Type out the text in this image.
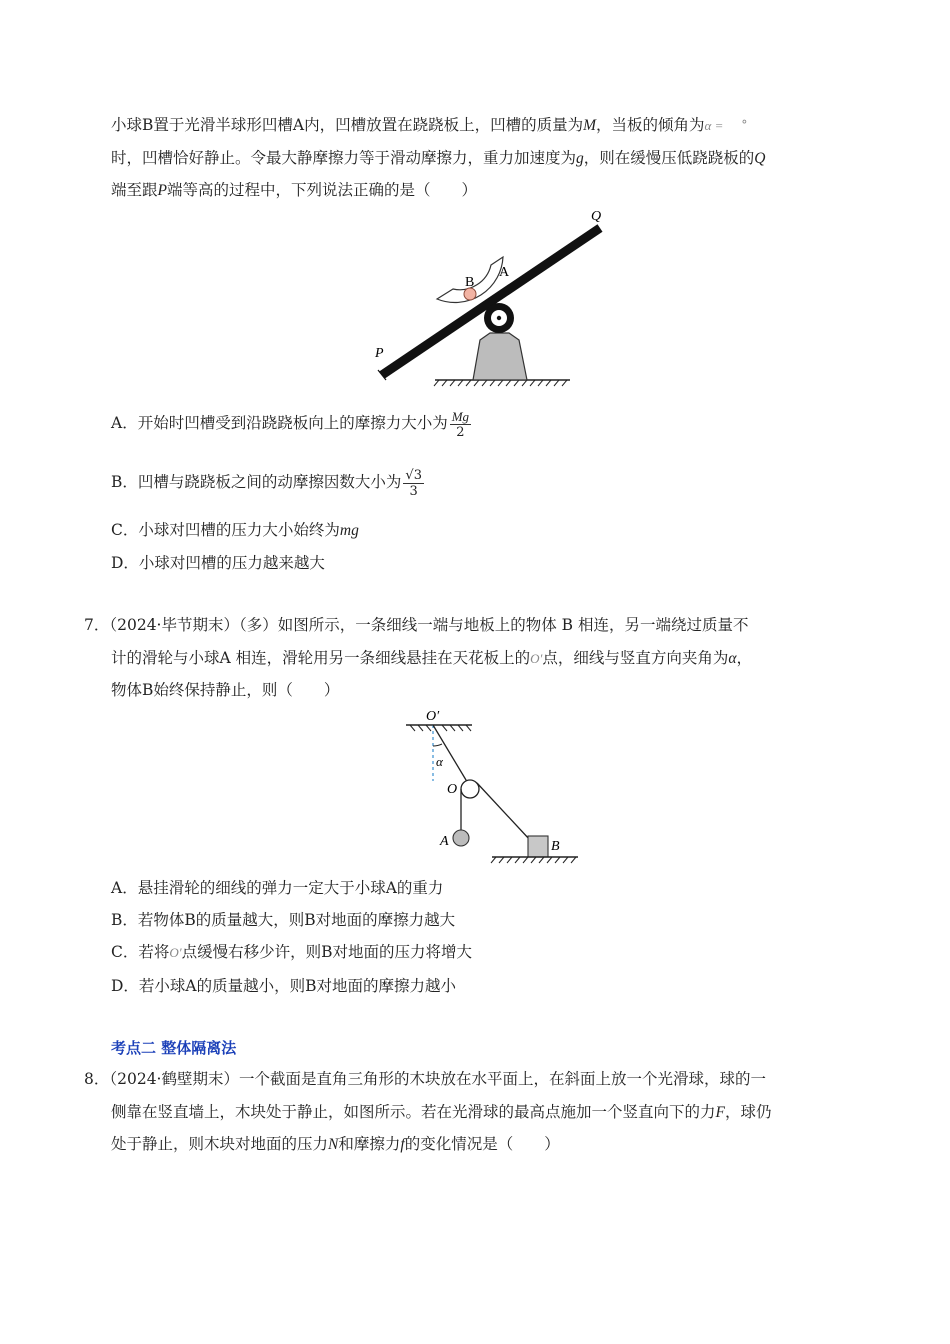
小球B置于光滑半球形凹槽A内，凹槽放置在跷跷板上，凹槽的质量为M，当板的倾角为α = °
时，凹槽恰好静止。令最大静摩擦力等于滑动摩擦力，重力加速度为g，则在缓慢压低跷跷板的Q
端至跟P端等高的过程中，下列说法正确的是（　　）
Q
P
A
B
A．开始时凹槽受到沿跷跷板向上的摩擦力大小为 $\frac{Mg}{2}$
B．凹槽与跷跷板之间的动摩擦因数大小为 $\frac{√3}{3}$
C．小球对凹槽的压力大小始终为mg
D．小球对凹槽的压力越来越大
7．（2024·毕节期末）（多）如图所示，一条细线一端与地板上的物体 B 相连，另一端绕过质量不
计的滑轮与小球A 相连，滑轮用另一条细线悬挂在天花板上的O′点，细线与竖直方向夹角为α，
物体B始终保持静止，则（　　）
O′
α
O
A	B
A．悬挂滑轮的细线的弹力一定大于小球A的重力
B．若物体B的质量越大，则B对地面的摩擦力越大
C．若将O′点缓慢右移少许，则B对地面的压力将增大
D．若小球A的质量越小，则B对地面的摩擦力越小
考点二 整体隔离法
8．（2024·鹤壁期末）一个截面是直角三角形的木块放在水平面上，在斜面上放一个光滑球，球的一
侧靠在竖直墙上，木块处于静止，如图所示。若在光滑球的最高点施加一个竖直向下的力F，球仍
处于静止，则木块对地面的压力N和摩擦力f的变化情况是（　　）
